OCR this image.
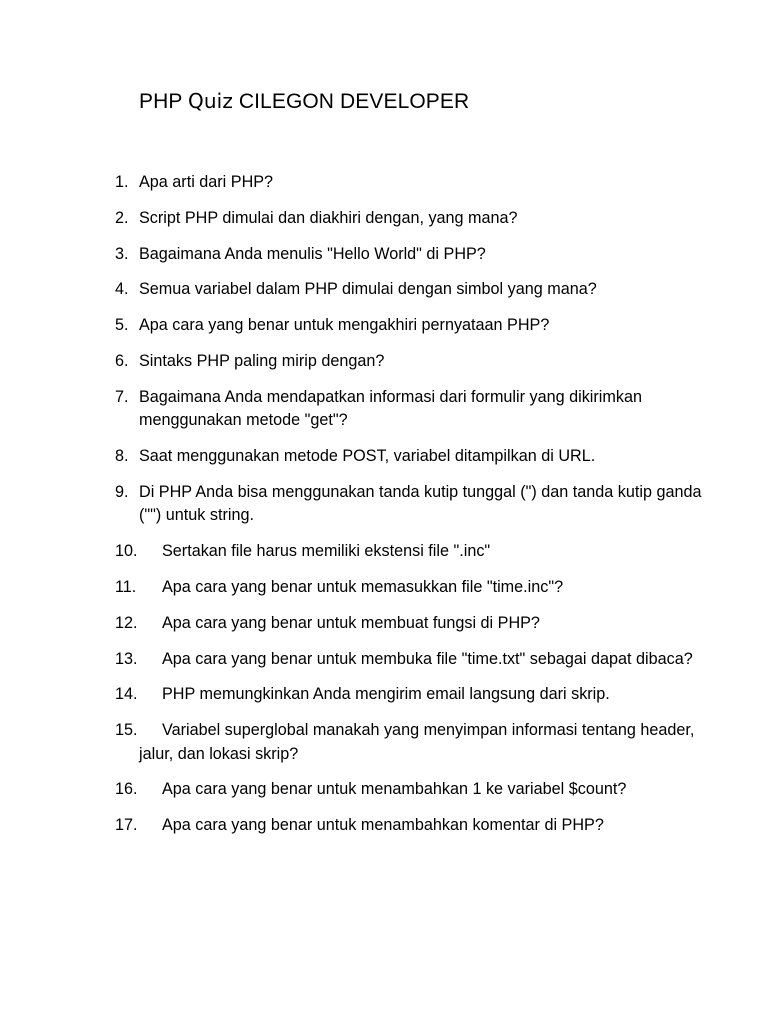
PHP Quiz CILEGON DEVELOPER
1. Apa arti dari PHP?
2. Script PHP dimulai dan diakhiri dengan, yang mana?
3. Bagaimana Anda menulis "Hello World" di PHP?
4. Semua variabel dalam PHP dimulai dengan simbol yang mana?
5. Apa cara yang benar untuk mengakhiri pernyataan PHP?
6. Sintaks PHP paling mirip dengan?
7. Bagaimana Anda mendapatkan informasi dari formulir yang dikirimkan menggunakan metode "get"?
8. Saat menggunakan metode POST, variabel ditampilkan di URL.
9. Di PHP Anda bisa menggunakan tanda kutip tunggal (") dan tanda kutip ganda ("") untuk string.
10.	Sertakan file harus memiliki ekstensi file ".inc"
11.	Apa cara yang benar untuk memasukkan file "time.inc"?
12.	Apa cara yang benar untuk membuat fungsi di PHP?
13.	Apa cara yang benar untuk membuka file "time.txt" sebagai dapat dibaca?
14.	PHP memungkinkan Anda mengirim email langsung dari skrip.
15.	Variabel superglobal manakah yang menyimpan informasi tentang header, jalur, dan lokasi skrip?
16.	Apa cara yang benar untuk menambahkan 1 ke variabel $count?
17.	Apa cara yang benar untuk menambahkan komentar di PHP?
